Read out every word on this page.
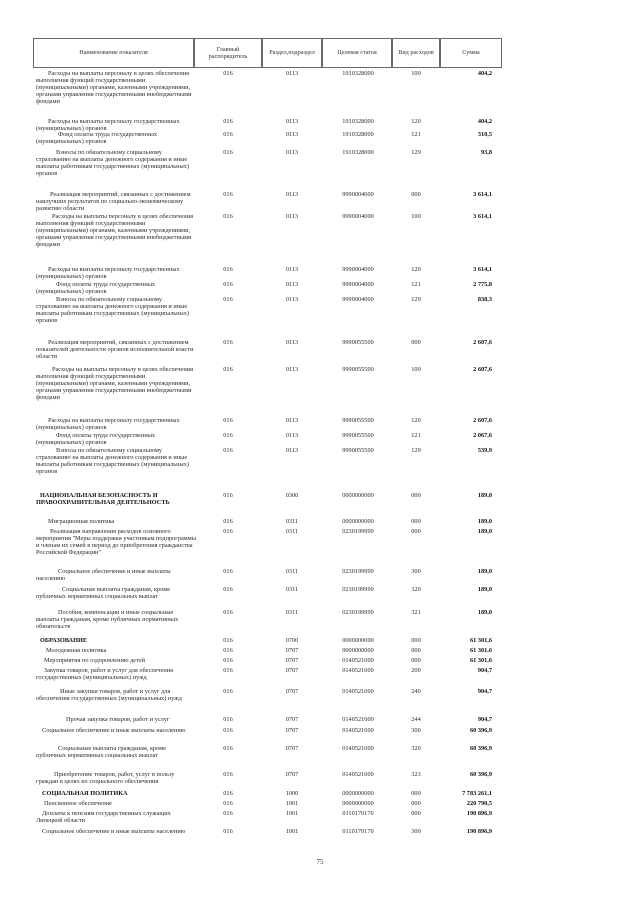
Наименование показателя
Главный распорядитель
Раздел,подраздел	Целевая статья	Вид расходов	Сумма
Расходы на выплаты персоналу в целях обеспечения выполнения функций государственными (муниципальными) органами, казенными учреждениями, органами управления государственными внебюджетными фондами
016	0113	1910328000	100	404,2
Расходы на выплаты персоналу государственных (муниципальных) органов
016	0113	1910328000	120	404,2
Фонд оплаты труда государственных (муниципальных) органов
016	0113	1910328000	121	310,5
Взносы по обязательному социальному страхованию на выплаты денежного содержания и иные выплаты работникам государственных (муниципальных) органов
016	0113	1910328000	129	93,8
Реализация мероприятий, связанных с достижением наилучших результатов по социально-экономическому развитию области
016	0113	9990004000	000	3 614,1
Расходы на выплаты персоналу в целях обеспечения выполнения функций государственными (муниципальными) органами, казенными учреждениями, органами управления государственными внебюджетными фондами
016	0113	9990004000	100	3 614,1
Расходы на выплаты персоналу государственных (муниципальных) органов
016	0113	9990004000	120	3 614,1
Фонд оплаты труда государственных (муниципальных) органов
016	0113	9990004000	121	2 775,8
Взносы по обязательному социальному страхованию на выплаты денежного содержания и иные выплаты работникам государственных (муниципальных) органов
016	0113	9990004000	129	838,3
Реализация мероприятий, связанных с достижением показателей деятельности органов исполнительной власти области
016	0113	9990055500	000	2 607,6
Расходы на выплаты персоналу в целях обеспечения выполнения функций государственными (муниципальными) органами, казенными учреждениями, органами управления государственными внебюджетными фондами
016	0113	9990055500	100	2 607,6
Расходы на выплаты персоналу государственных (муниципальных) органов
016	0113	9990055500	120	2 607,6
Фонд оплаты труда государственных (муниципальных) органов
016	0113	9990055500	121	2 067,6
Взносы по обязательному социальному страхованию на выплаты денежного содержания и иные выплаты работникам государственных (муниципальных) органов
016	0113	9990055500	129	539,9
НАЦИОНАЛЬНАЯ БЕЗОПАСНОСТЬ И ПРАВООХРАНИТЕЛЬНАЯ ДЕЯТЕЛЬНОСТЬ
016	0300	0000000000	000	189,0
Миграционная политика	016	0311	0000000000	000	189,0
Реализация направления расходов основного мероприятия "Меры поддержки участникам подпрограммы и членам их семей в период до приобретения гражданства Российской Федерации"
016	0311	0230199999	000	189,0
Социальное обеспечение и иные выплаты населению
016	0311	0230199999	300	189,0
Социальные выплаты гражданам, кроме публичных нормативных социальных выплат
016	0311	0230199999	320	189,0
Пособия, компенсации и иные социальные выплаты гражданам, кроме публичных нормативных обязательств
016	0311	0230199999	321	189,0
ОБРАЗОВАНИЕ	016	0700	0000000000	000	61 301,6
Молодежная политика	016	0707	0000000000	000	61 301,6
Мероприятия по оздоровлению детей	016	0707	0140521000	000	61 301,6
Закупка товаров, работ и услуг для обеспечения государственных (муниципальных) нужд
016	0707	0140521000	200	904,7
Иные закупки товаров, работ и услуг для обеспечения государственных (муниципальных) нужд
016	0707	0140521000	240	904,7
Прочая закупка товаров, работ и услуг	016	0707	0140521000	244	904,7
Социальное обеспечение и иные выплаты населению	016	0707	0140521000	300	60 396,9
Социальные выплаты гражданам, кроме публичных нормативных социальных выплат
016	0707	0140521000	320	60 396,9
Приобретение товаров, работ, услуг в пользу граждан в целях их социального обеспечения
016	0707	0140521000	323	60 396,9
СОЦИАЛЬНАЯ ПОЛИТИКА	016	1000	0000000000	000	7 783 261,1
Пенсионное обеспечение	016	1001	0000000000	000	220 790,5
Доплаты к пенсиям государственных служащих Липецкой области
016	1001	0110170170	000	190 896,9
Социальное обеспечение и иные выплаты населению	016	1001	0110170170	300	190 896,9
75
